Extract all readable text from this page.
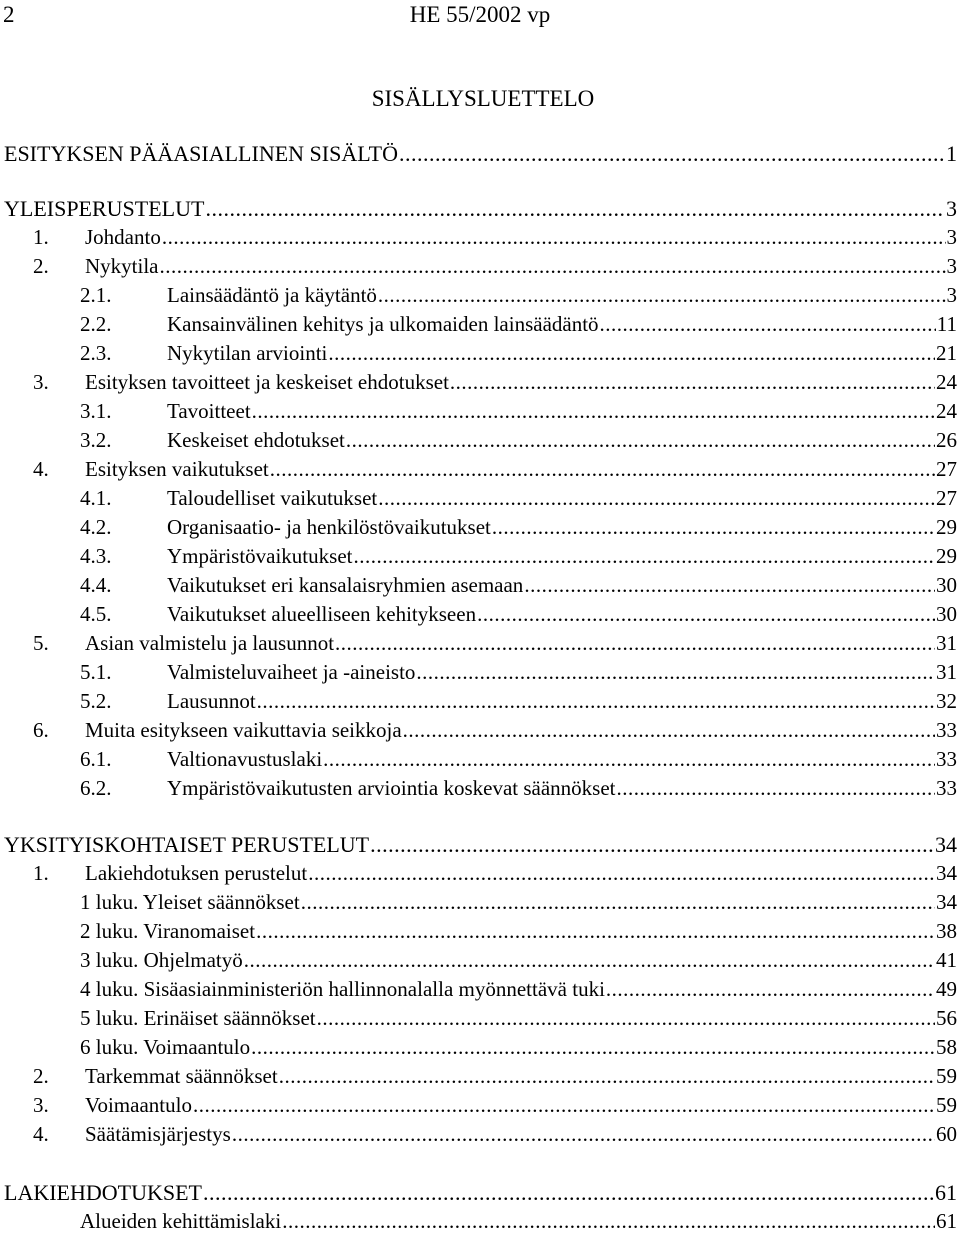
2	HE 55/2002 vp
SISÄLLYSLUETTELO
ESITYKSEN PÄÄASIALLINEN SISÄLTÖ .....	1
YLEISPERUSTELUT .....	3
1.	Johdanto .....	3
2.	Nykytila .....	3
2.1.	Lainsäädäntö ja käytäntö .....	3
2.2.	Kansainvälinen kehitys ja ulkomaiden lainsäädäntö .....	11
2.3.	Nykytilan arviointi .....	21
3.	Esityksen tavoitteet ja keskeiset ehdotukset .....	24
3.1.	Tavoitteet .....	24
3.2.	Keskeiset ehdotukset .....	26
4.	Esityksen vaikutukset .....	27
4.1.	Taloudelliset vaikutukset .....	27
4.2.	Organisaatio- ja henkilöstövaikutukset .....	29
4.3.	Ympäristövaikutukset .....	29
4.4.	Vaikutukset eri kansalaisryhmien asemaan .....	30
4.5.	Vaikutukset alueelliseen kehitykseen .....	30
5.	Asian valmistelu ja lausunnot .....	31
5.1.	Valmisteluvaiheet ja -aineisto .....	31
5.2.	Lausunnot .....	32
6.	Muita esitykseen vaikuttavia seikkoja .....	33
6.1.	Valtionavustuslaki .....	33
6.2.	Ympäristövaikutusten arviointia koskevat säännökset .....	33
YKSITYISKOHTAISET PERUSTELUT .....	34
1.	Lakiehdotuksen perustelut .....	34
1 luku. Yleiset säännökset .....	34
2 luku. Viranomaiset .....	38
3 luku. Ohjelmatyö .....	41
4 luku. Sisäasiainministeriön hallinnonalalla myönnettävä tuki .....	49
5 luku. Erinäiset säännökset .....	56
6 luku. Voimaantulo .....	58
2.	Tarkemmat säännökset .....	59
3.	Voimaantulo .....	59
4.	Säätämisjärjestys .....	60
LAKIEHDOTUKSET .....	61
Alueiden kehittämislaki .....	61
